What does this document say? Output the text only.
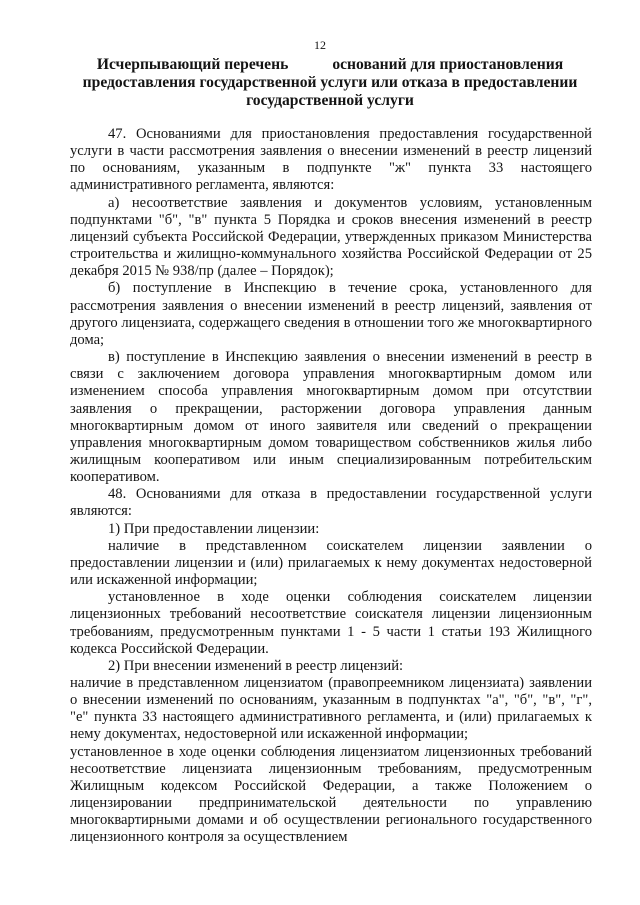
12
Исчерпывающий перечень	оснований для приостановления
предоставления государственной услуги или отказа в предоставлении
государственной услуги

47. Основаниями для приостановления предоставления государственной услуги в части рассмотрения заявления о внесении изменений в реестр лицензий по основаниям, указанным в подпункте "ж" пункта 33 настоящего административного регламента, являются:

а) несоответствие заявления и документов условиям, установленным подпунктами "б", "в" пункта 5 Порядка и сроков внесения изменений в реестр лицензий субъекта Российской Федерации, утвержденных приказом Министерства строительства и жилищно-коммунального хозяйства Российской Федерации от 25 декабря 2015 № 938/пр (далее – Порядок);

б) поступление в Инспекцию в течение срока, установленного для рассмотрения заявления о внесении изменений в реестр лицензий, заявления от другого лицензиата, содержащего сведения в отношении того же многоквартирного дома;

в) поступление в Инспекцию заявления о внесении изменений в реестр в связи с заключением договора управления многоквартирным домом или изменением способа управления многоквартирным домом при отсутствии заявления о прекращении, расторжении договора управления данным многоквартирным домом от иного заявителя или сведений о прекращении управления многоквартирным домом товариществом собственников жилья либо жилищным кооперативом или иным специализированным потребительским кооперативом.

48. Основаниями для отказа в предоставлении государственной услуги являются:

1) При предоставлении лицензии:

наличие в представленном соискателем лицензии заявлении о предоставлении лицензии и (или) прилагаемых к нему документах недостоверной или искаженной информации;

установленное в ходе оценки соблюдения соискателем лицензии лицензионных требований несоответствие соискателя лицензии лицензионным требованиям, предусмотренным пунктами 1 - 5 части 1 статьи 193 Жилищного кодекса Российской Федерации.

2) При внесении изменений в реестр лицензий:

наличие в представленном лицензиатом (правопреемником лицензиата) заявлении о внесении изменений по основаниям, указанным в подпунктах "а", "б", "в", "г", "е" пункта 33 настоящего административного регламента, и (или) прилагаемых к нему документах, недостоверной или искаженной информации;

установленное в ходе оценки соблюдения лицензиатом лицензионных требований несоответствие лицензиата лицензионным требованиям, предусмотренным Жилищным кодексом Российской Федерации, а также Положением о лицензировании предпринимательской деятельности по управлению многоквартирными домами и об осуществлении регионального государственного лицензионного контроля за осуществлением
